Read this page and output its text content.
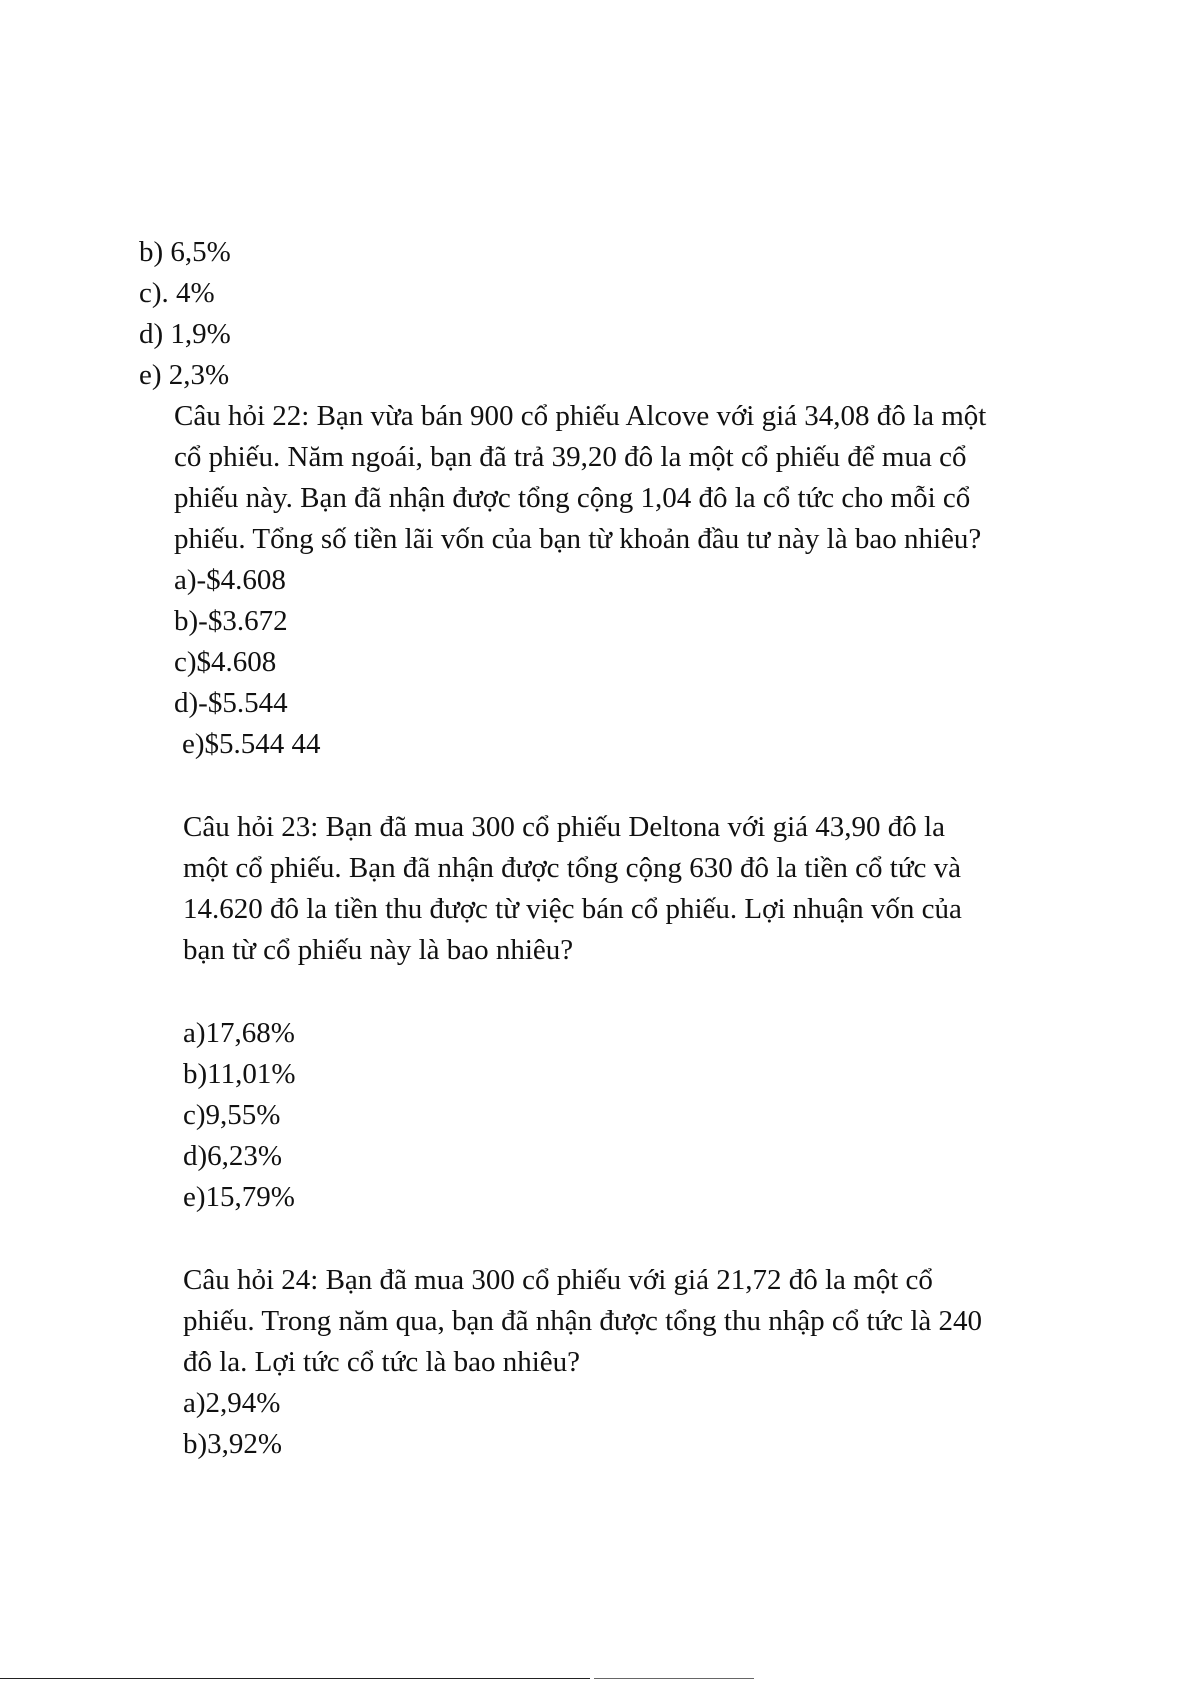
b) 6,5%
c). 4%
d) 1,9%
e) 2,3%
Câu hỏi 22: Bạn vừa bán 900 cổ phiếu Alcove với giá 34,08 đô la một
cổ phiếu. Năm ngoái, bạn đã trả 39,20 đô la một cổ phiếu để mua cổ
phiếu này. Bạn đã nhận được tổng cộng 1,04 đô la cổ tức cho mỗi cổ
phiếu. Tổng số tiền lãi vốn của bạn từ khoản đầu tư này là bao nhiêu?
a)-$4.608
b)-$3.672
c)$4.608
d)-$5.544
e)$5.544 44
Câu hỏi 23: Bạn đã mua 300 cổ phiếu Deltona với giá 43,90 đô la
một cổ phiếu. Bạn đã nhận được tổng cộng 630 đô la tiền cổ tức và
14.620 đô la tiền thu được từ việc bán cổ phiếu. Lợi nhuận vốn của
bạn từ cổ phiếu này là bao nhiêu?
a)17,68%
b)11,01%
c)9,55%
d)6,23%
e)15,79%
Câu hỏi 24: Bạn đã mua 300 cổ phiếu với giá 21,72 đô la một cổ
phiếu. Trong năm qua, bạn đã nhận được tổng thu nhập cổ tức là 240
đô la. Lợi tức cổ tức là bao nhiêu?
a)2,94%
b)3,92%
